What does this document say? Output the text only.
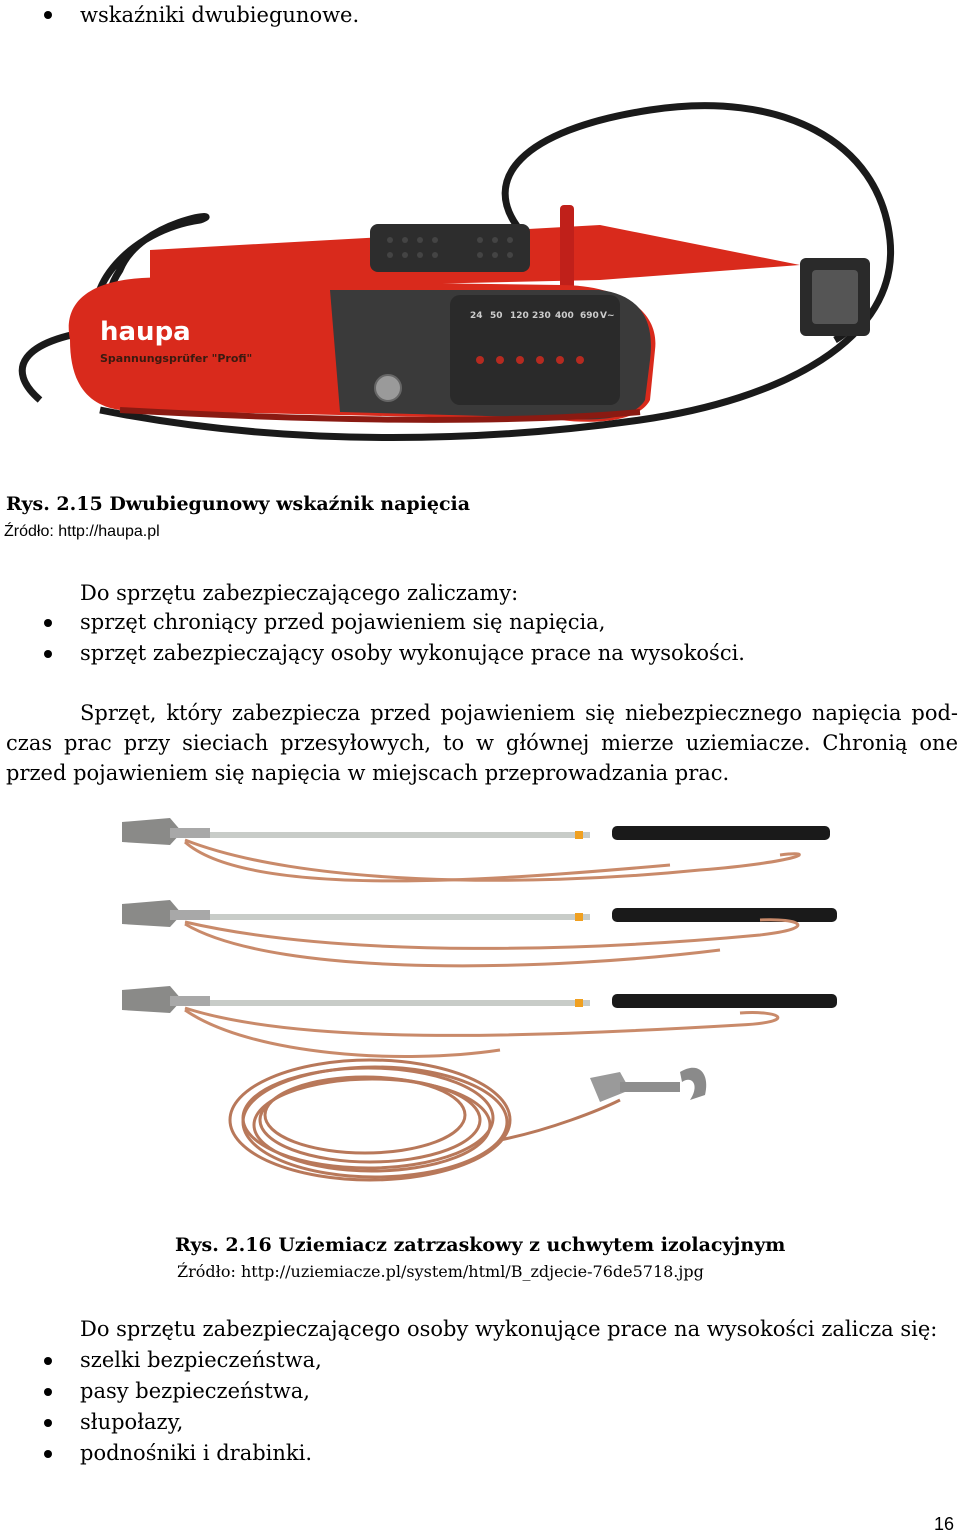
wskaźniki dwubiegunowe.
24 50 120 230 400 690 V~
haupa
Spannungsprüfer "Profi"
Rys. 2.15 Dwubiegunowy wskaźnik napięcia
Źródło: http://haupa.pl
Do sprzętu zabezpieczającego zaliczamy:
sprzęt chroniący przed pojawieniem się napięcia,
sprzęt zabezpieczający osoby wykonujące prace na wysokości.
Sprzęt, który zabezpiecza przed pojawieniem się niebezpiecznego napięcia pod-
czas prac przy sieciach przesyłowych, to w głównej mierze uziemiacze. Chronią one
przed pojawieniem się napięcia w miejscach przeprowadzania prac.
Rys. 2.16 Uziemiacz zatrzaskowy z uchwytem izolacyjnym
Źródło: http://uziemiacze.pl/system/html/B_zdjecie-76de5718.jpg
Do sprzętu zabezpieczającego osoby wykonujące prace na wysokości zalicza się:
szelki bezpieczeństwa,
pasy bezpieczeństwa,
słupołazy,
podnośniki i drabinki.
16
